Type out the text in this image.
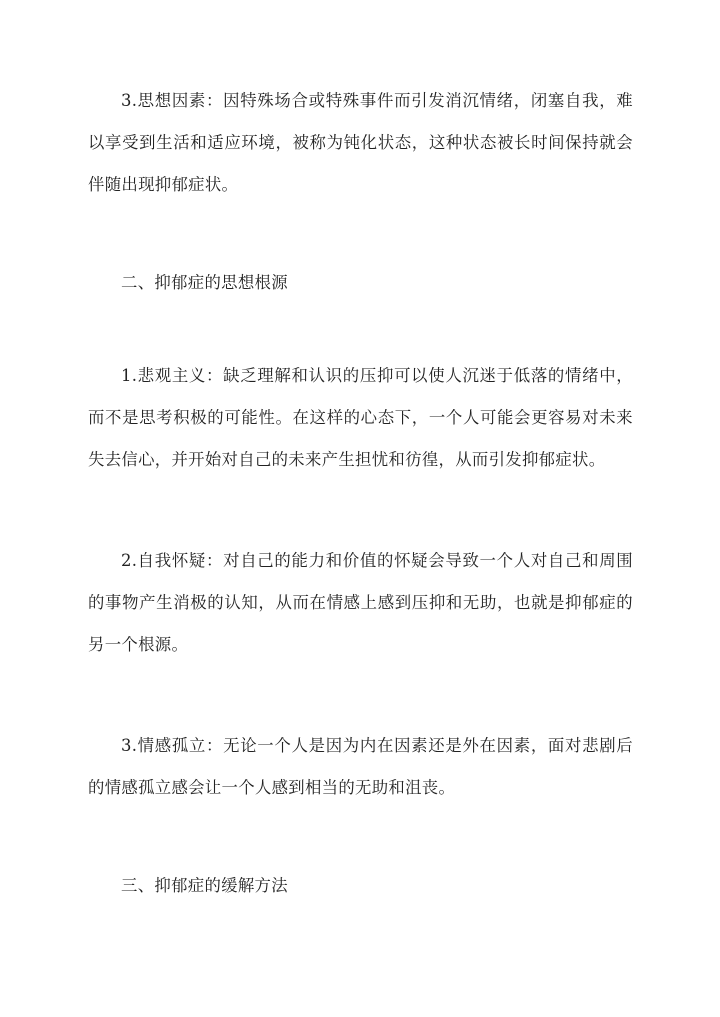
3.思想因素：因特殊场合或特殊事件而引发消沉情绪，闭塞自我，难以享受到生活和适应环境，被称为钝化状态，这种状态被长时间保持就会伴随出现抑郁症状。

二、抑郁症的思想根源

1.悲观主义：缺乏理解和认识的压抑可以使人沉迷于低落的情绪中，而不是思考积极的可能性。在这样的心态下，一个人可能会更容易对未来失去信心，并开始对自己的未来产生担忧和彷徨，从而引发抑郁症状。

2.自我怀疑：对自己的能力和价值的怀疑会导致一个人对自己和周围的事物产生消极的认知，从而在情感上感到压抑和无助，也就是抑郁症的另一个根源。

3.情感孤立：无论一个人是因为内在因素还是外在因素，面对悲剧后的情感孤立感会让一个人感到相当的无助和沮丧。

三、抑郁症的缓解方法
